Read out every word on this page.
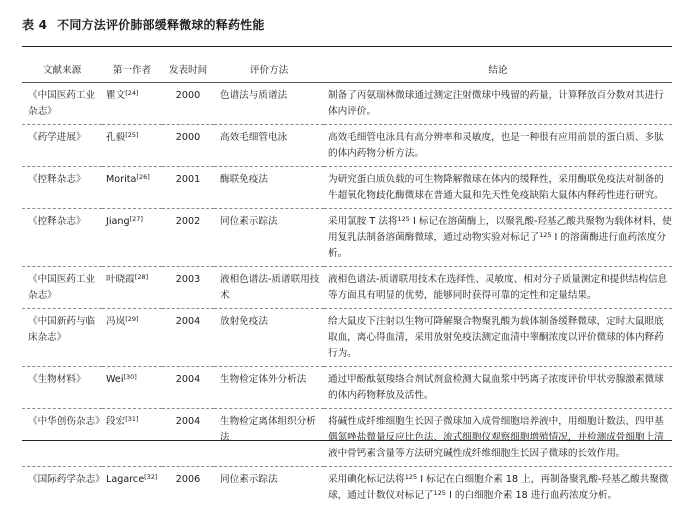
表 4 不同方法评价肺部缓释微球的释药性能
文献来源	第一作者	发表时间	评价方法	结论
《中国医药工业杂志》	瞿文[24]	2000	色谱法与质谱法	制备了丙氨瑞林微球通过测定注射微球中残留的药量，计算释放百分数对其进行体内评价。
《药学进展》	孔毅[25]	2000	高效毛细管电泳	高效毛细管电泳具有高分辨率和灵敏度，也是一种很有应用前景的蛋白质、多肽的体内药物分析方法。
《控释杂志》	Morita[26]	2001	酶联免疫法	为研究蛋白质负载的可生物降解微球在体内的缓释性，采用酶联免疫法对制备的牛超氧化物歧化酶微球在普通大鼠和先天性免疫缺陷大鼠体内释药性进行研究。
《控释杂志》	Jiang[27]	2002	同位素示踪法	采用氯胺 T 法将$^{125}$ I 标记在溶菌酶上，以聚乳酸-羟基乙酸共聚物为载体材料，使用复乳法制备溶菌酶微球，通过动物实验对标记了$^{125}$ I 的溶菌酶进行血药浓度分析。
《中国医药工业杂志》	叶晓霞[28]	2003	液相色谱法-质谱联用技术	液相色谱法-质谱联用技术在选择性、灵敏度、相对分子质量测定和提供结构信息等方面具有明显的优势，能够同时获得可靠的定性和定量结果。
《中国新药与临床杂志》	冯岚[29]	2004	放射免疫法	给大鼠皮下注射以生物可降解聚合物聚乳酸为载体制备缓释微球，定时大鼠眼底取血，离心得血清，采用放射免疫法测定血清中睾酮浓度以评价微球的体内释药行为。
《生物材料》	Wei[30]	2004	生物检定体外分析法	通过甲酚酞氨羧络合剂试剂盒检测大鼠血浆中钙离子浓度评价甲状旁腺激素微球的体内药物释放及活性。
《中华创伤杂志》	段宏[31]	2004	生物检定离体组织分析法	将碱性成纤维细胞生长因子微球加入成骨细胞培养液中，用细胞计数法、四甲基偶氮唑盐微量反应比色法、流式细胞仪观察细胞增殖情况，并检测成骨细胞上清液中骨钙素含量等方法研究碱性成纤维细胞生长因子微球的长效作用。
《国际药学杂志》	Lagarce[32]	2006	同位素示踪法	采用碘化标记法将$^{125}$ I 标记在白细胞介素 18 上，再制备聚乳酸-羟基乙酸共聚微球，通过计数仪对标记了$^{125}$ I 的白细胞介素 18 进行血药浓度分析。
